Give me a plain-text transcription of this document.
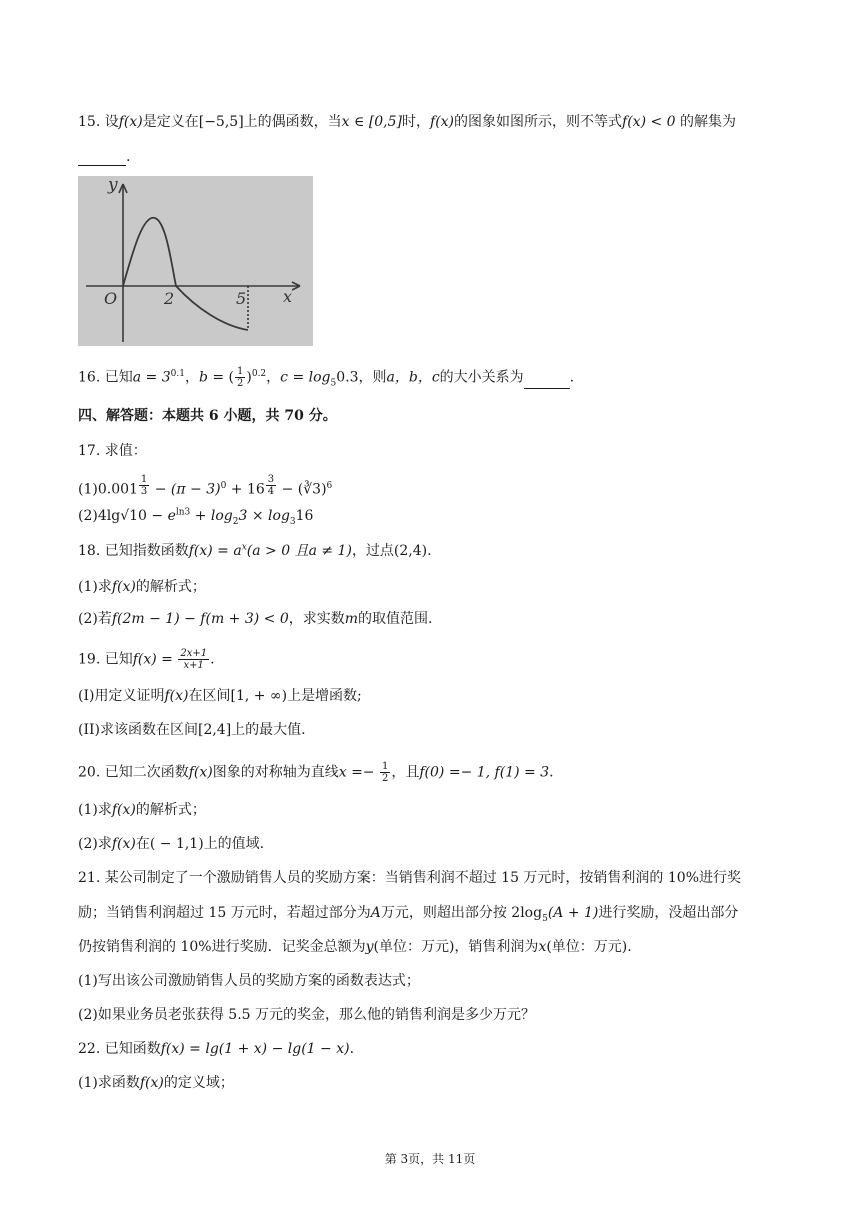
15. 设f(x)是定义在[−5,5]上的偶函数，当x ∈ [0,5]时，f(x)的图象如图所示，则不等式f(x) < 0 的解集为
.
y
x
O	2	5
16. 已知$a = 3^{0.1}$，b = ( $\frac{1}{2} )^{0.2}$，$c = \log_50.3$，则a，b，c的大小关系为	.
四、解答题：本题共 6 小题，共 70 分。
17. 求值：
(1)0.001 $^{\frac{1}{3}} - (\pi - 3)^0 + 16$ $^{\frac{3}{4}}$ − (∛3)$^6$
$(2)4\lg√10 - e^{ln3} + \log_23 \times \log_316$
18. 已知指数函数$f(x) = a^x(a > 0$ 且a ≠ 1)，过点(2,4).
(1)求f(x)的解析式；
(2)若f(2m − 1) − f(m + 3) < 0，求实数m的取值范围.
19. 已知$f(x) = \frac{2x+1}{x+1}$ .
(I)用定义证明f(x)在区间[1, + ∞)上是增函数;
(II)求该函数在区间[2,4]上的最大值.
20. 已知二次函数f(x)图象的对称轴为直线$x =- \frac{1}{2}$ ，且f(0) =− 1, f(1) = 3.
(1)求f(x)的解析式；
(2)求f(x)在( − 1,1)上的值域.
21. 某公司制定了一个激励销售人员的奖励方案：当销售利润不超过 15 万元时，按销售利润的 10%进行奖
励；当销售利润超过 15 万元时，若超过部分为A万元，则超出部分按 $2\log_5(A + 1)$进行奖励，没超出部分
仍按销售利润的 10%进行奖励．记奖金总额为y(单位：万元)，销售利润为x(单位：万元).
(1)写出该公司激励销售人员的奖励方案的函数表达式；
(2)如果业务员老张获得 5.5 万元的奖金，那么他的销售利润是多少万元？
22. 已知函数f(x) = lg(1 + x) − lg(1 − x).
(1)求函数f(x)的定义域；
第 3页，共 11页
